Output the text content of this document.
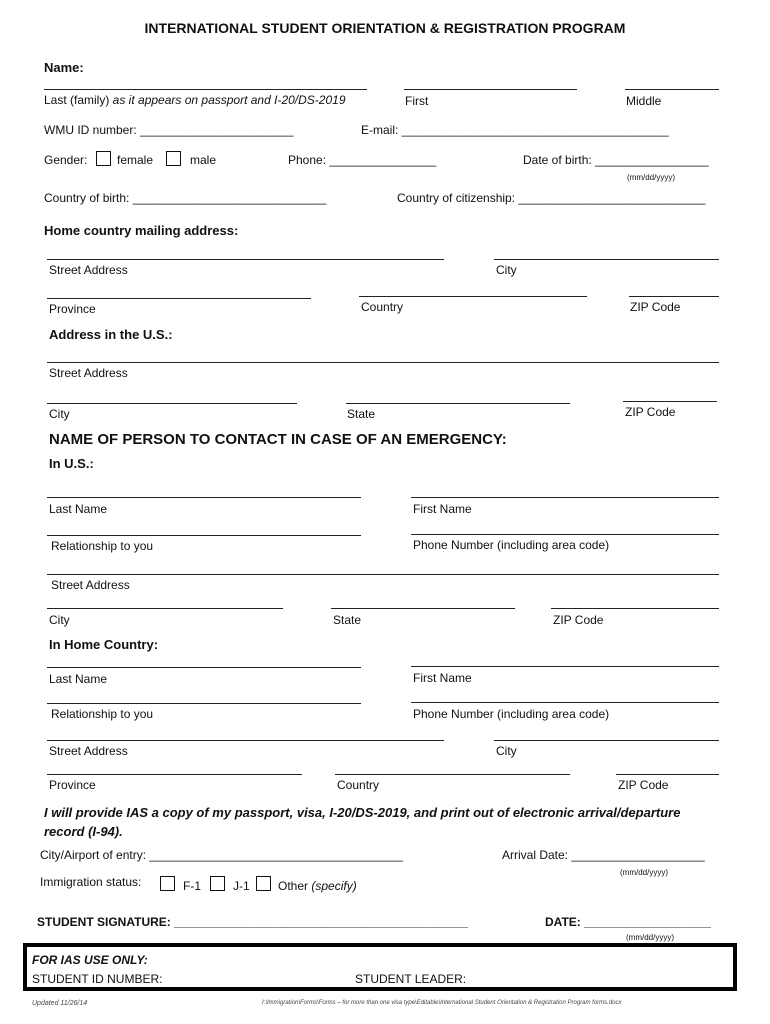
INTERNATIONAL STUDENT ORIENTATION & REGISTRATION PROGRAM
Name:
Last (family) as it appears on passport and I-20/DS-2019	First	Middle
WMU ID number: _______________________	E-mail: ________________________________________
Gender: female	male	Phone: ________________	Date of birth: _________________
(mm/dd/yyyy)
Country of birth: _____________________________	Country of citizenship: ____________________________
Home country mailing address:
Street Address	City
Province	Country	ZIP Code
Address in the U.S.:
Street Address
City	State	ZIP Code
NAME OF PERSON TO CONTACT IN CASE OF AN EMERGENCY:
In U.S.:
Last Name	First Name
Relationship to you	Phone Number (including area code)
Street Address
City	State	ZIP Code
In Home Country:
Last Name	First Name
Relationship to you	Phone Number (including area code)
Street Address	City
Province	Country	ZIP Code
I will provide IAS a copy of my passport, visa, I-20/DS-2019, and print out of electronic arrival/departure
record (I-94).
City/Airport of entry: ______________________________________	Arrival Date: ____________________
(mm/dd/yyyy)
Immigration status:	F-1	J-1 Other (specify)
STUDENT SIGNATURE: ____________________________________________	DATE: ___________________
(mm/dd/yyyy)
FOR IAS USE ONLY:
STUDENT ID NUMBER:	STUDENT LEADER:
Updated 11/26/14	I:\Immigration\Forms\Forms – for more than one visa type\Editable\International Student Orientation & Registration Program forms.docx
